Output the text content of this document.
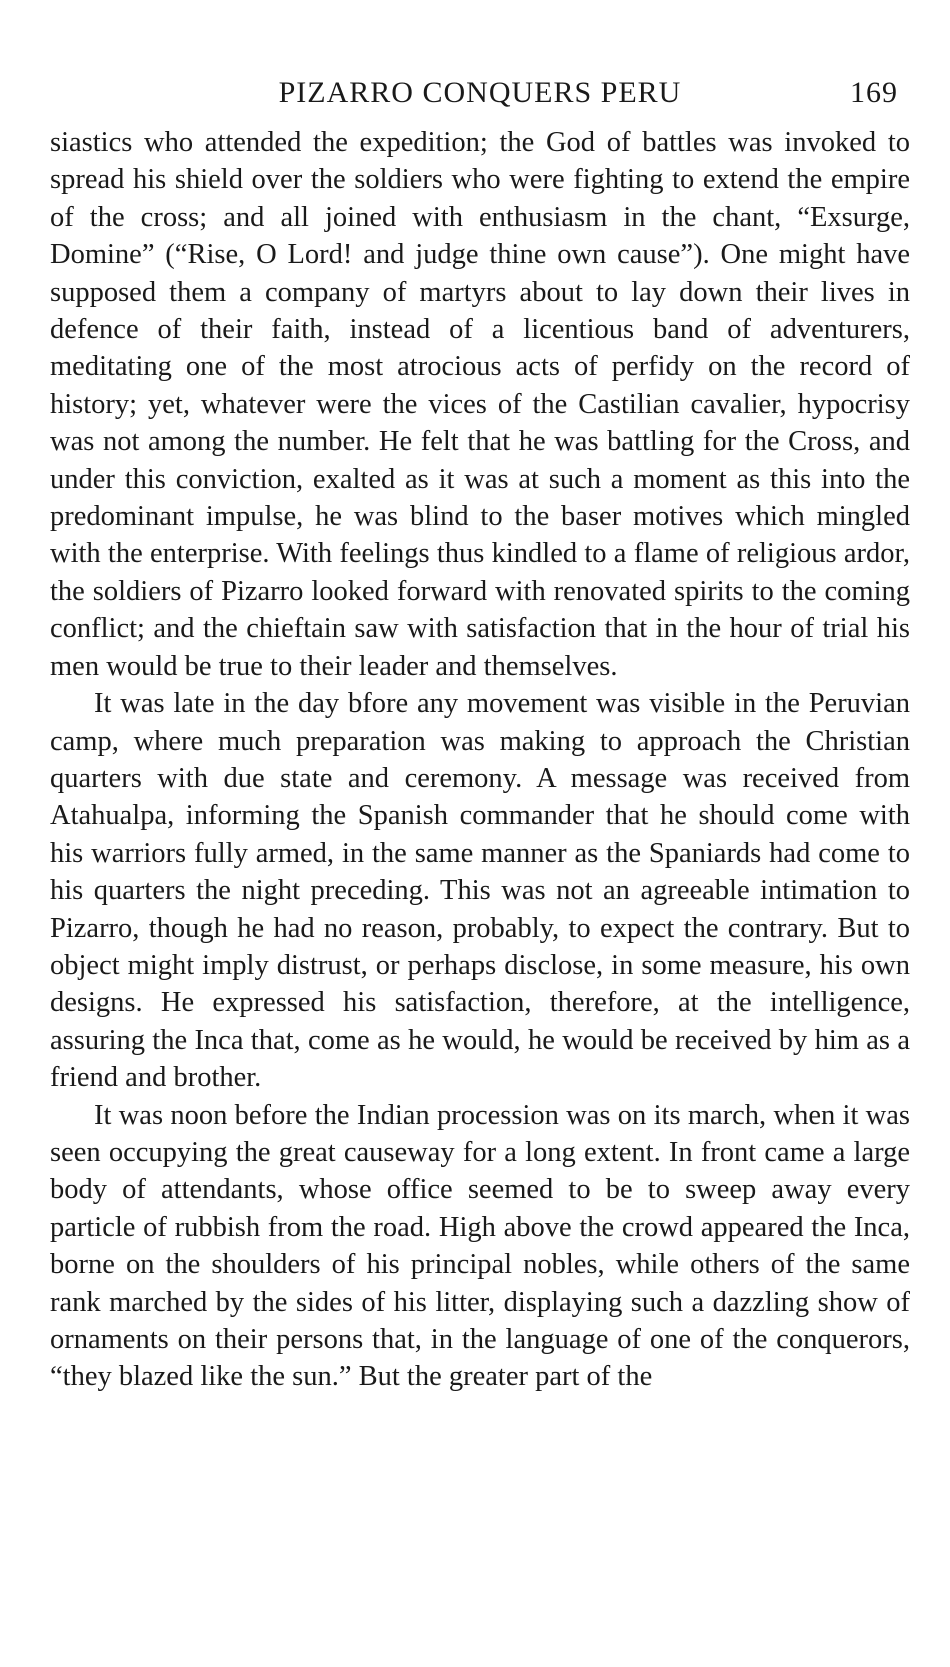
PIZARRO CONQUERS PERU	169

siastics who attended the expedition; the God of battles was invoked to spread his shield over the soldiers who were fighting to extend the empire of the cross; and all joined with enthusiasm in the chant, “Exsurge, Domine” (“Rise, O Lord! and judge thine own cause”). One might have supposed them a company of martyrs about to lay down their lives in defence of their faith, instead of a licentious band of adventurers, meditating one of the most atrocious acts of perfidy on the record of history; yet, whatever were the vices of the Castilian cavalier, hypocrisy was not among the number. He felt that he was battling for the Cross, and under this conviction, exalted as it was at such a moment as this into the predominant impulse, he was blind to the baser motives which mingled with the enterprise. With feelings thus kindled to a flame of religious ardor, the soldiers of Pizarro looked forward with renovated spirits to the coming conflict; and the chieftain saw with satisfaction that in the hour of trial his men would be true to their leader and themselves.

It was late in the day bfore any movement was visible in the Peruvian camp, where much preparation was making to approach the Christian quarters with due state and ceremony. A message was received from Atahualpa, informing the Spanish commander that he should come with his warriors fully armed, in the same manner as the Spaniards had come to his quarters the night preceding. This was not an agreeable intimation to Pizarro, though he had no reason, probably, to expect the contrary. But to object might imply distrust, or perhaps disclose, in some measure, his own designs. He expressed his satisfaction, therefore, at the intelligence, assuring the Inca that, come as he would, he would be received by him as a friend and brother.

It was noon before the Indian procession was on its march, when it was seen occupying the great causeway for a long extent. In front came a large body of attendants, whose office seemed to be to sweep away every particle of rubbish from the road. High above the crowd appeared the Inca, borne on the shoulders of his principal nobles, while others of the same rank marched by the sides of his litter, displaying such a dazzling show of ornaments on their persons that, in the language of one of the conquerors, “they blazed like the sun.” But the greater part of the
